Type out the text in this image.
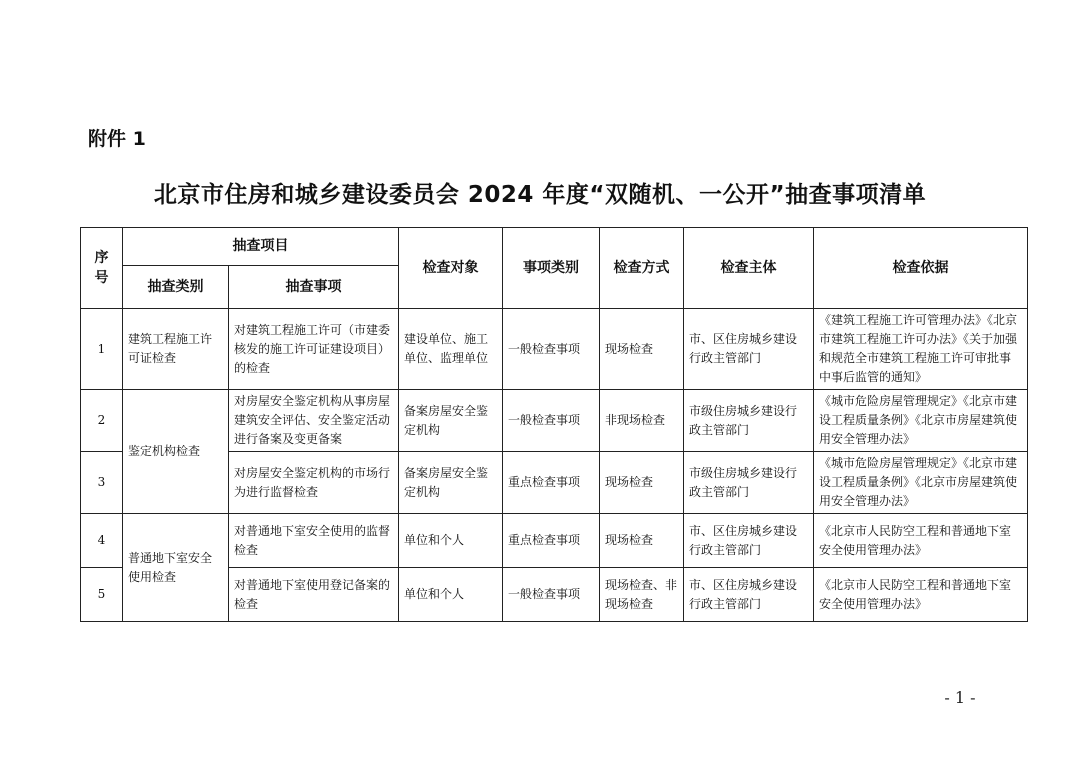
附件 1
北京市住房和城乡建设委员会 2024 年度“双随机、一公开”抽查事项清单
序号	抽查项目		检查对象	事项类别	检查方式	检查主体	检查依据
	抽查类别	抽查事项					
1	建筑工程施工许可证检查	对建筑工程施工许可（市建委核发的施工许可证建设项目）的检查	建设单位、施工单位、监理单位	一般检查事项	现场检查	市、区住房城乡建设行政主管部门	《建筑工程施工许可管理办法》《北京市建筑工程施工许可办法》《关于加强和规范全市建筑工程施工许可审批事中事后监管的通知》
2	鉴定机构检查	对房屋安全鉴定机构从事房屋建筑安全评估、安全鉴定活动进行备案及变更备案	备案房屋安全鉴定机构	一般检查事项	非现场检查	市级住房城乡建设行政主管部门	《城市危险房屋管理规定》《北京市建设工程质量条例》《北京市房屋建筑使用安全管理办法》
3		对房屋安全鉴定机构的市场行为进行监督检查	备案房屋安全鉴定机构	重点检查事项	现场检查	市级住房城乡建设行政主管部门	《城市危险房屋管理规定》《北京市建设工程质量条例》《北京市房屋建筑使用安全管理办法》
4	普通地下室安全使用检查	对普通地下室安全使用的监督检查	单位和个人	重点检查事项	现场检查	市、区住房城乡建设行政主管部门	《北京市人民防空工程和普通地下室安全使用管理办法》
5		对普通地下室使用登记备案的检查	单位和个人	一般检查事项	现场检查、非现场检查	市、区住房城乡建设行政主管部门	《北京市人民防空工程和普通地下室安全使用管理办法》
- 1 -
